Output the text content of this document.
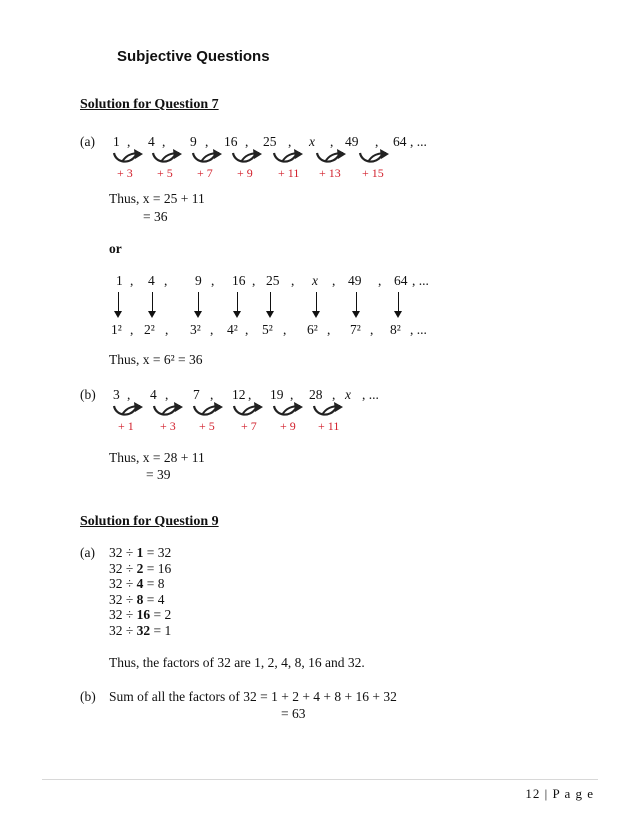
Subjective Questions
Solution for Question 7
(a) 1 , 4 , 9 , 16 , 25 , x , 49 , 64 , ...
+ 3 + 5 + 7 + 9 + 11 + 13 + 15
Thus, x = 25 + 11
= 36
or
1 , 4 , 9 , 16 , 25 , x , 49 , 64 , ...
1² , 2² , 3² , 4² , 5² , 6² , 7² , 8² , ...
Thus, x = 6² = 36
(b) 3 , 4 , 7 , 12 , 19 , 28 , x , ...
+ 1 + 3 + 5 + 7 + 9 + 11
Thus, x = 28 + 11
= 39
Solution for Question 9
(a) 32 ÷ 1 = 32
32 ÷ 2 = 16
32 ÷ 4 = 8
32 ÷ 8 = 4
32 ÷ 16 = 2
32 ÷ 32 = 1
Thus, the factors of 32 are 1, 2, 4, 8, 16 and 32.
(b) Sum of all the factors of 32 = 1 + 2 + 4 + 8 + 16 + 32
= 63
12 | P a g e
